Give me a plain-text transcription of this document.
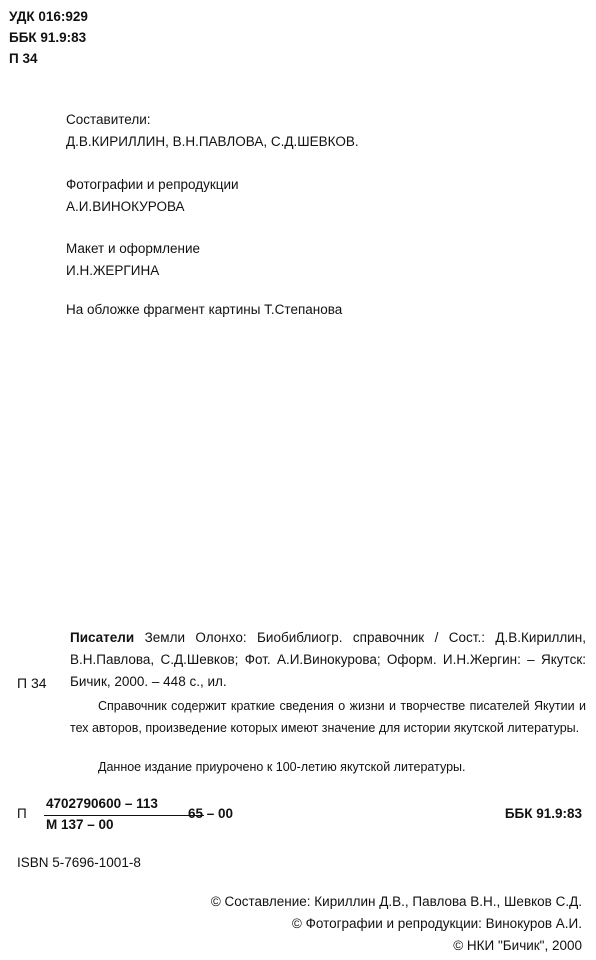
УДК 016:929
ББК 91.9:83
П 34
Составители:
Д.В.КИРИЛЛИН, В.Н.ПАВЛОВА, С.Д.ШЕВКОВ.
Фотографии и репродукции
А.И.ВИНОКУРОВА
Макет и оформление
И.Н.ЖЕРГИНА
На обложке фрагмент картины Т.Степанова
П 34
Писатели Земли Олонхо: Биобиблиогр. справочник / Сост.: Д.В.Кириллин, В.Н.Павлова, С.Д.Шевков; Фот. А.И.Винокурова; Оформ. И.Н.Жергин: – Якутск: Бичик, 2000. – 448 с., ил.
Справочник содержит краткие сведения о жизни и творчестве писателей Якутии и тех авторов, произведение которых имеют значение для истории якутской литературы.
Данное издание приурочено к 100-летию якутской литературы.
П
4702790600 – 113
М 137 – 00
65 – 00	ББК 91.9:83
ISBN 5-7696-1001-8
© Составление: Кириллин Д.В., Павлова В.Н., Шевков С.Д.
© Фотографии и репродукции: Винокуров А.И.
© НКИ "Бичик", 2000
